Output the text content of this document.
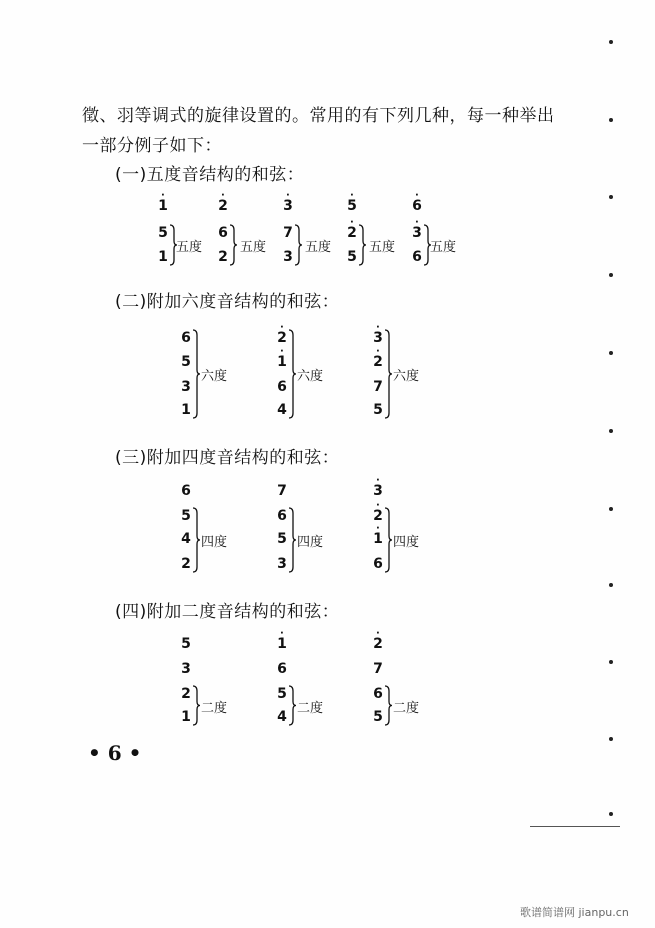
徵、羽等调式的旋律设置的。常用的有下列几种，每一种举出
一部分例子如下：
(一)五度音结构的和弦：
(二)附加六度音结构的和弦：
(三)附加四度音结构的和弦：
(四)附加二度音结构的和弦：
1
·
5
1
五度
2
·
6
2
五度
3
·
7
3
五度
5
·
2
·
5
五度
6
·
3
·
6
五度
6
5
3
1
六度
2
·
1
·
6
4
六度
3
·
2
·
7
5
六度
6
5
4
2
四度
7
6
5
3
四度
3
·
2
·
1
·
6
四度
5
3
2
1
二度
1
·
6
5
4
二度
2
·
7
6
5
二度
• 6 •
歌谱简谱网 jianpu.cn
